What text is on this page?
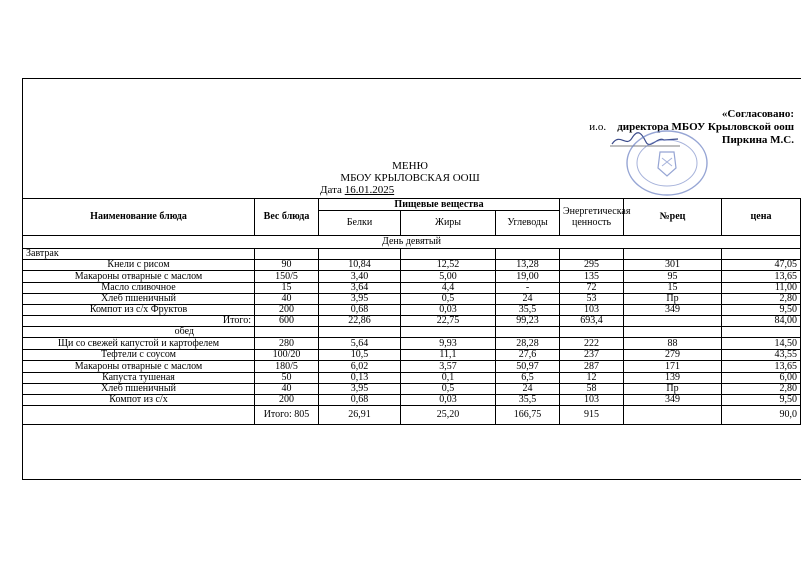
«Согласовано:
и.о. директора МБОУ Крыловской оош
Пиркина М.С.
МЕНЮ
МБОУ КРЫЛОВСКАЯ ООШ
Дата 16.01.2025
Наименование блюда	Вес блюда	Пищевые вещества			Энергетическая ценность	№рец	цена
		Белки	Жиры	Углеводы			
День девятый							
Завтрак							
Кнели с рисом	90	10,84	12,52	13,28	295	301	47,05
Макароны отварные с маслом	150/5	3,40	5,00	19,00	135	95	13,65
Масло сливочное	15	3,64	4,4	-	72	15	11,00
Хлеб пшеничный	40	3,95	0,5	24	53	Пр	2,80
Компот из с/х Фруктов	200	0,68	0,03	35,5	103	349	9,50
Итого:	600	22,86	22,75	99,23	693,4		84,00
обед							
Щи со свежей капустой и картофелем	280	5,64	9,93	28,28	222	88	14,50
Тефтели с соусом	100/20	10,5	11,1	27,6	237	279	43,55
Макароны отварные с маслом	180/5	6,02	3,57	50,97	287	171	13,65
Капуста тушеная	50	0,13	0,1	6,5	12	139	6,00
Хлеб пшеничный	40	3,95	0,5	24	58	Пр	2,80
Компот из с/х	200	0,68	0,03	35,5	103	349	9,50
	Итого: 805	26,91	25,20	166,75	915		90,0
